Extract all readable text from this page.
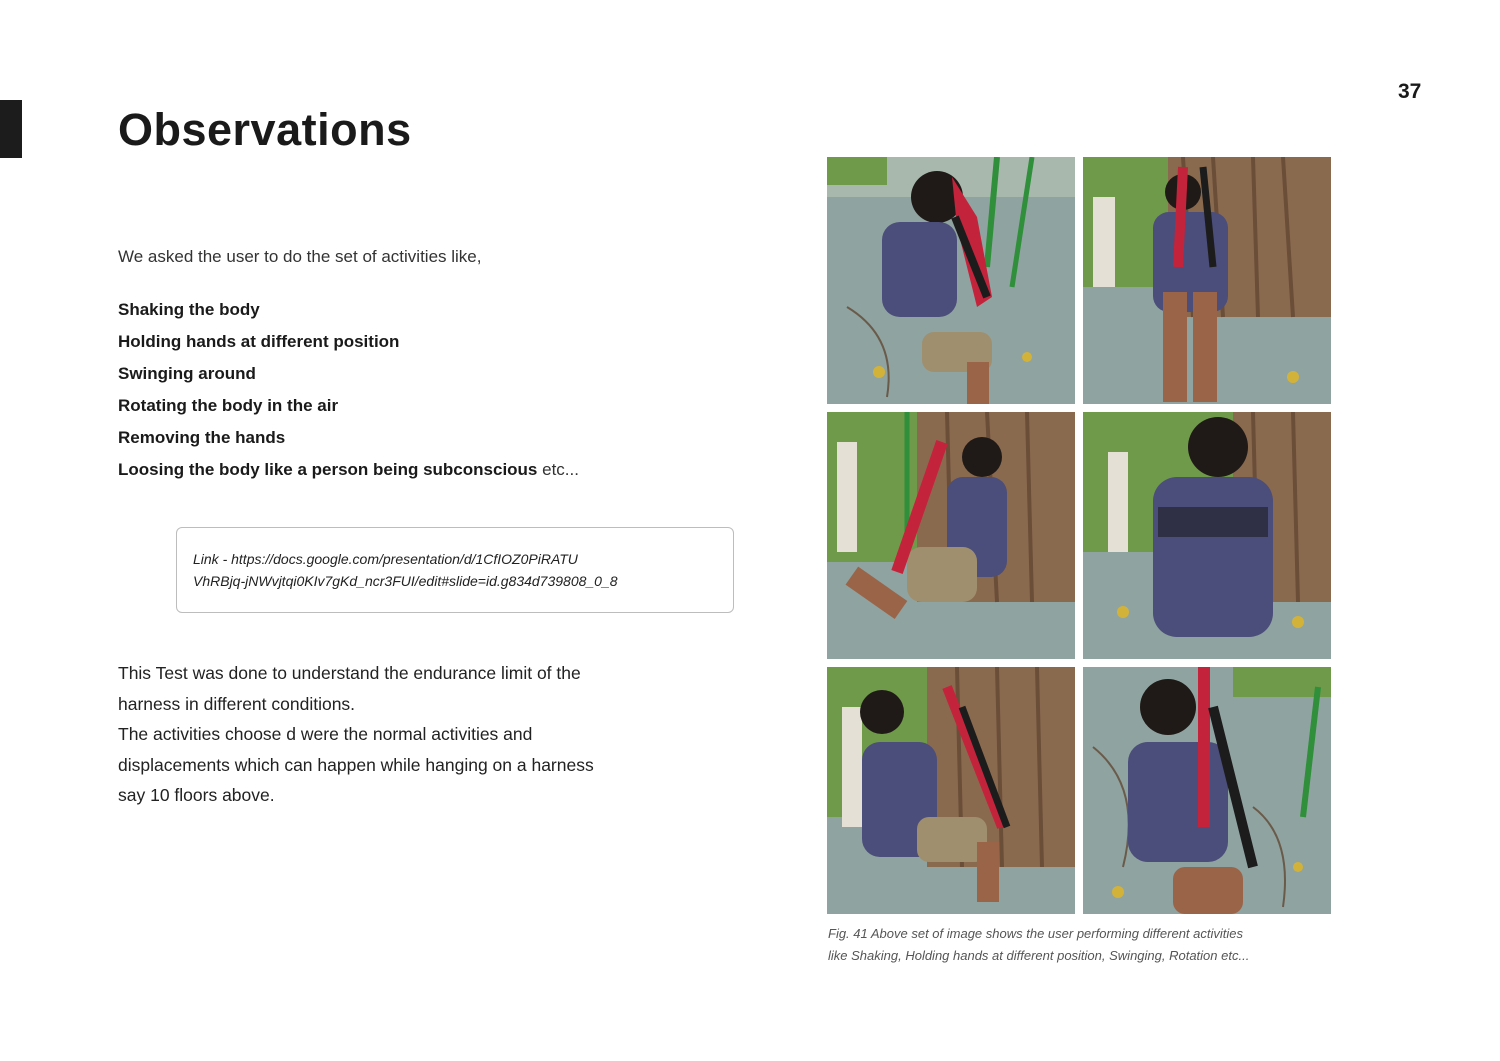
37
Observations
We asked the user to do the set of activities like,
Shaking the body
Holding hands at different position
Swinging around
Rotating the body in the air
Removing the hands
Loosing the body like a person being subconscious etc...

Link - https://docs.google.com/presentation/d/1CfIOZ0PiRATU

VhRBjq-jNWvjtqi0KIv7gKd_ncr3FUI/edit#slide=id.g834d739808_0_8

This Test was done to understand the endurance limit of the

harness in different conditions.

The activities choose d were the normal activities and

displacements which can happen while hanging on a harness

say 10 floors above.

Fig. 41 Above set of image shows the user performing different activities

like Shaking, Holding hands at different position, Swinging, Rotation etc...
